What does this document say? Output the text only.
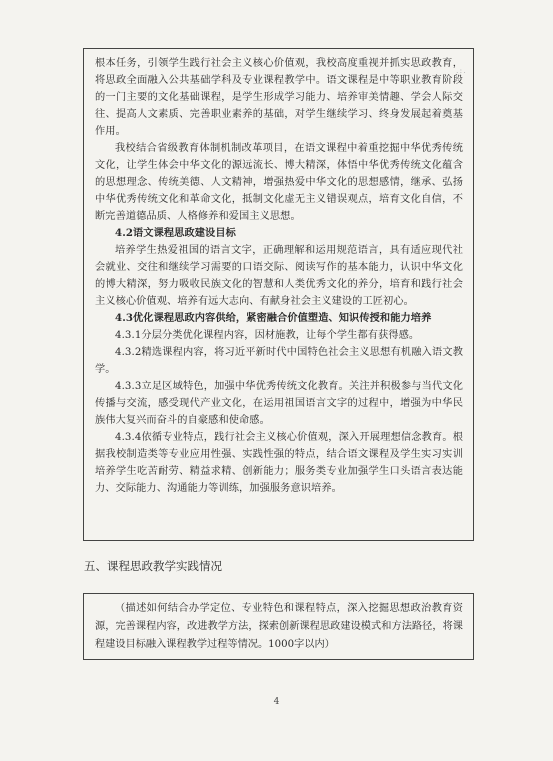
.:.

根本任务，引领学生践行社会主义核心价值观，我校高度重视并抓实思政教育，将思政全面融入公共基础学科及专业课程教学中。语文课程是中等职业教育阶段的一门主要的文化基础课程，是学生形成学习能力、培养审美情趣、学会人际交往、提高人文素质、完善职业素养的基础，对学生继续学习、终身发展起着奠基作用。

我校结合省级教育体制机制改革项目，在语文课程中着重挖掘中华优秀传统文化，让学生体会中华文化的源远流长、博大精深，体悟中华优秀传统文化蕴含的思想理念、传统美德、人文精神，增强热爱中华文化的思想感情，继承、弘扬中华优秀传统文化和革命文化，抵制文化虚无主义错误观点，培育文化自信，不断完善道德品质、人格修养和爱国主义思想。

4.2语文课程思政建设目标

培养学生热爱祖国的语言文字，正确理解和运用规范语言，具有适应现代社会就业、交往和继续学习需要的口语交际、阅读写作的基本能力，认识中华文化的博大精深，努力吸收民族文化的智慧和人类优秀文化的养分，培育和践行社会主义核心价值观、培养有远大志向、有献身社会主义建设的工匠初心。

4.3优化课程思政内容供给，紧密融合价值塑造、知识传授和能力培养

4.3.1分层分类优化课程内容，因材施教，让每个学生都有获得感。

4.3.2精选课程内容，将习近平新时代中国特色社会主义思想有机融入语文教学。

4.3.3立足区域特色，加强中华优秀传统文化教育。关注并积极参与当代文化传播与交流，感受现代产业文化，在运用祖国语言文字的过程中，增强为中华民族伟大复兴而奋斗的自豪感和使命感。

4.3.4依循专业特点，践行社会主义核心价值观，深入开展理想信念教育。根据我校制造类等专业应用性强、实践性强的特点，结合语文课程及学生实习实训培养学生吃苦耐劳、精益求精、创新能力；服务类专业加强学生口头语言表达能力、交际能力、沟通能力等训练，加强服务意识培养。

五、课程思政教学实践情况

（描述如何结合办学定位、专业特色和课程特点，深入挖掘思想政治教育资源，完善课程内容，改进教学方法，探索创新课程思政建设模式和方法路径，将课程建设目标融入课程教学过程等情况。1000字以内）

4
